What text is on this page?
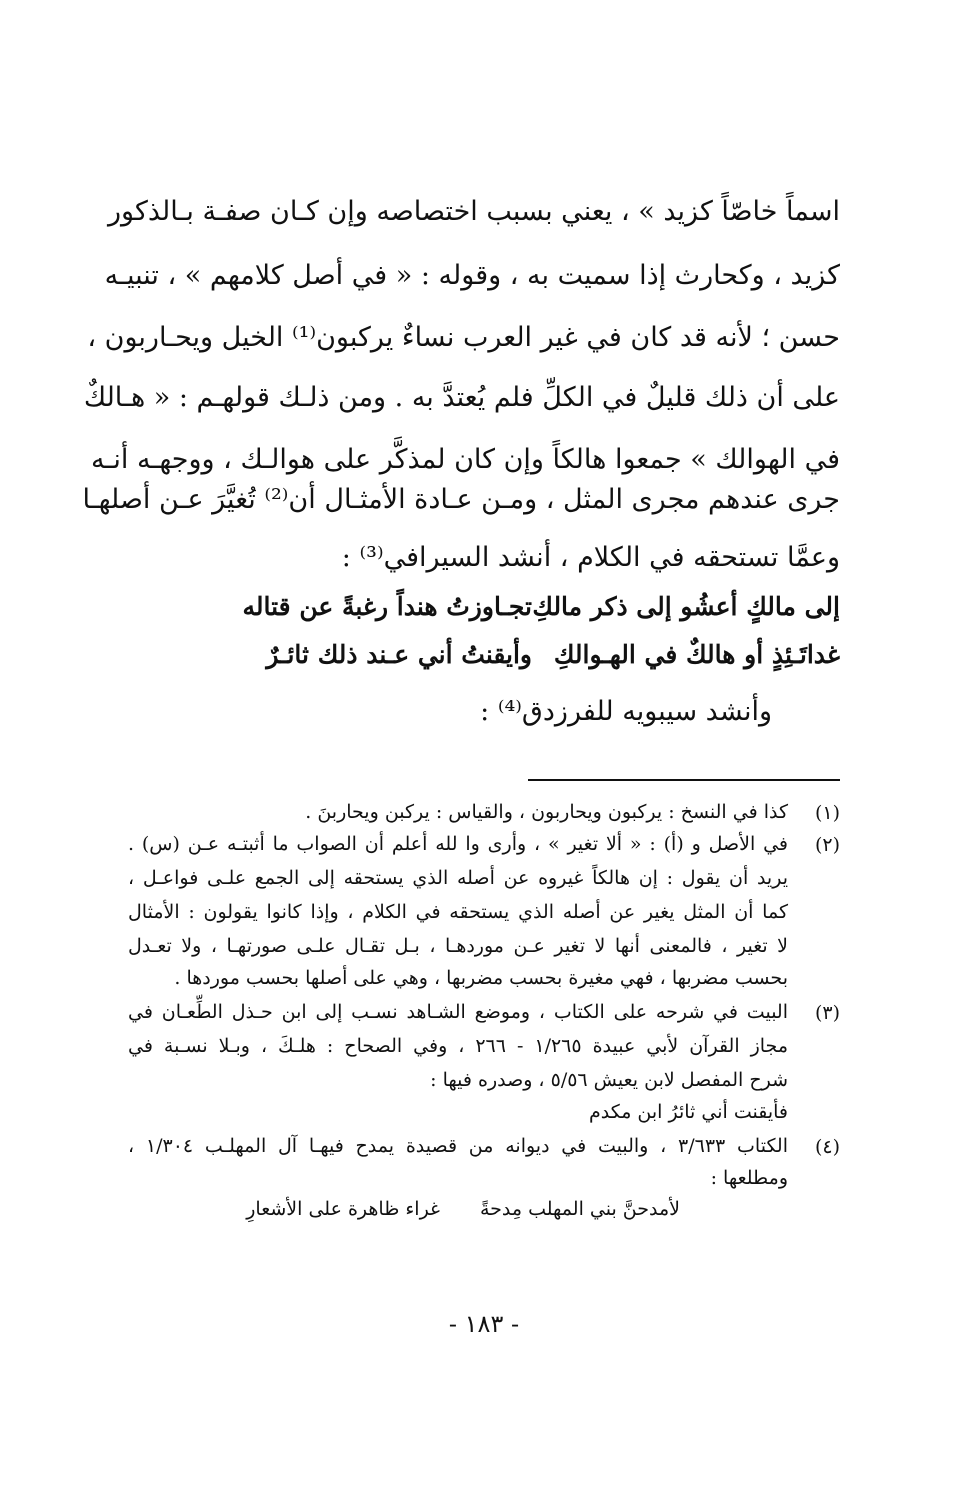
اسماً خاصّاً كزيد » ، يعني بسبب اختصاصه وإن كـان صفـة بـالذكور
كزيد ، وكحارث إذا سميت به ، وقوله : « في أصل كلامهم » ، تنبيـه
حسن ؛ لأنه قد كان في غير العرب نساءٌ يركبون⁽¹⁾ الخيل ويحـاربون ،
على أن ذلك قليلٌ في الكلِّ فلم يُعتدَّ به . ومن ذلـك قولهـم : « هـالكٌ
في الهوالك » جمعوا هالكاً وإن كان لمذكَّر على هوالـك ، ووجهـه أنـه
جرى عندهم مجرى المثل ، ومـن عـادة الأمثـال أن⁽²⁾ تُغيَّرَ عـن أصلهـا
وعمَّا تستحقه في الكلام ، أنشد السيرافي⁽³⁾ :
تجـاوزتُ هنداً رغبةً عن قتاله إلى مالكٍ أعشُو إلى ذكر مالكِ
وأيقنتُ أني عـند ذلك ثائـرٌ غداتَـئِذٍ أو هالكٌ في الهـوالكِ
وأنشد سيبويه للفرزدق⁽⁴⁾ :
(١)
كذا في النسخ : يركبون ويحاربون ، والقياس : يركبن ويحاربنَ .
(٢)
في الأصل و (أ) : « ألا تغير » ، وأرى وا لله أعلم أن الصواب ما أثبتـه عـن (س) .
يريد أن يقول : إن هالكاً غيروه عن أصله الذي يستحقه إلى الجمع علـى فواعـل ،
كما أن المثل يغير عن أصله الذي يستحقه في الكلام ، وإذا كانوا يقولون : الأمثال
لا تغير ، فالمعنى أنها لا تغير عـن موردهـا ، بـل تقـال علـى صورتهـا ، ولا تعـدل
بحسب مضربها ، فهي مغيرة بحسب مضربها ، وهي على أصلها بحسب موردها .
(٣)
البيت في شرحه على الكتاب ، وموضع الشـاهد نسـب إلى ابن حـذل الطِّعـان في
مجاز القرآن لأبي عبيدة ١/٢٦٥ - ٢٦٦ ، وفي الصحاح : هلـكَ ، وبـلا نسـبة في
شرح المفصل لابن يعيش ٥/٥٦ ، وصدره فيها :
فأيقنت أني ثائرُ ابن مكدم
(٤)
الكتاب ٣/٦٣٣ ، والبيت في ديوانه من قصيدة يمدح فيهـا آل المهلـب ١/٣٠٤ ،
ومطلعها :
لأمدحنَّ بني المهلب مِدحةً
غراء ظاهرة على الأشعارِ
- ١٨٣ -
